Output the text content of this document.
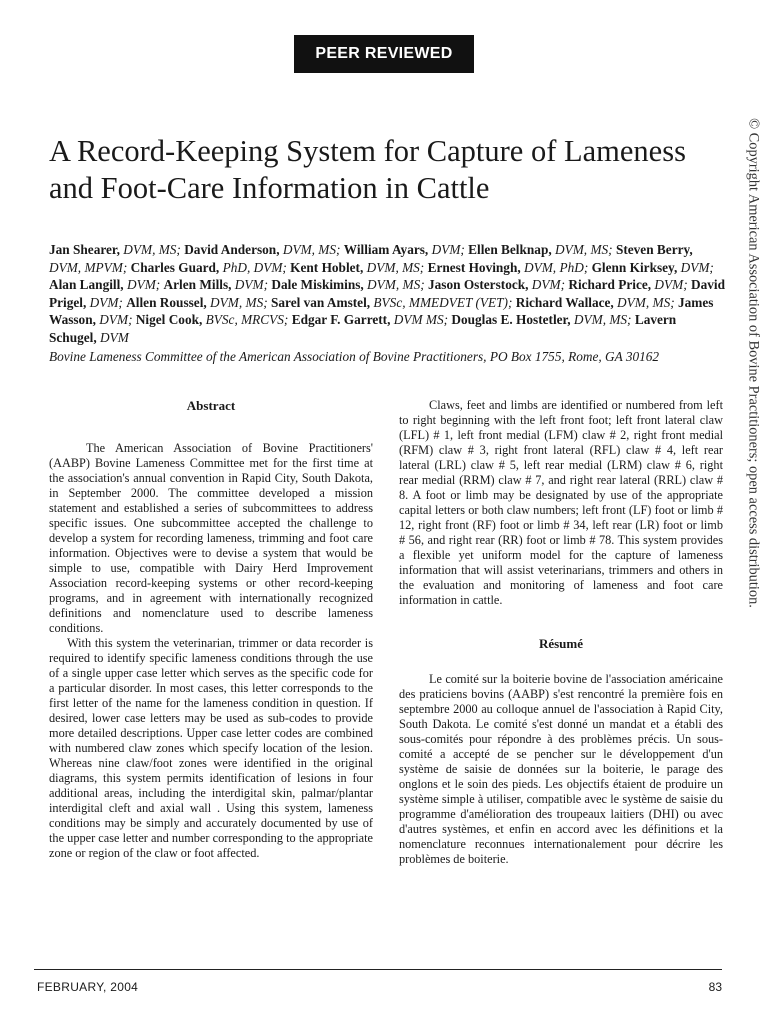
PEER REVIEWED
© Copyright American Association of Bovine Practitioners; open access distribution.
A Record-Keeping System for Capture of Lameness and Foot-Care Information in Cattle
Jan Shearer, DVM, MS; David Anderson, DVM, MS; William Ayars, DVM; Ellen Belknap, DVM, MS; Steven Berry, DVM, MPVM; Charles Guard, PhD, DVM; Kent Hoblet, DVM, MS; Ernest Hovingh, DVM, PhD; Glenn Kirksey, DVM; Alan Langill, DVM; Arlen Mills, DVM; Dale Miskimins, DVM, MS; Jason Osterstock, DVM; Richard Price, DVM; David Prigel, DVM; Allen Roussel, DVM, MS; Sarel van Amstel, BVSc, MMEDVET (VET); Richard Wallace, DVM, MS; James Wasson, DVM; Nigel Cook, BVSc, MRCVS; Edgar F. Garrett, DVM MS; Douglas E. Hostetler, DVM, MS; Lavern Schugel, DVM
Bovine Lameness Committee of the American Association of Bovine Practitioners, PO Box 1755, Rome, GA 30162
Abstract

The American Association of Bovine Practitioners' (AABP) Bovine Lameness Committee met for the first time at the association's annual convention in Rapid City, South Dakota, in September 2000. The committee developed a mission statement and established a series of subcommittees to address specific issues. One subcommittee accepted the challenge to develop a system for recording lameness, trimming and foot care information. Objectives were to devise a system that would be simple to use, compatible with Dairy Herd Improvement Association record-keeping systems or other record-keeping programs, and in agreement with internationally recognized definitions and nomenclature used to describe lameness conditions.

With this system the veterinarian, trimmer or data recorder is required to identify specific lameness conditions through the use of a single upper case letter which serves as the specific code for a particular disorder. In most cases, this letter corresponds to the first letter of the name for the lameness condition in question. If desired, lower case letters may be used as sub-codes to provide more detailed descriptions. Upper case letter codes are combined with numbered claw zones which specify location of the lesion. Whereas nine claw/foot zones were identified in the original diagrams, this system permits identification of lesions in four additional areas, including the interdigital skin, palmar/plantar interdigital cleft and axial wall . Using this system, lameness conditions may be simply and accurately documented by use of the upper case letter and number corresponding to the appropriate zone or region of the claw or foot affected.

Claws, feet and limbs are identified or numbered from left to right beginning with the left front foot; left front lateral claw (LFL) # 1, left front medial (LFM) claw # 2, right front medial (RFM) claw # 3, right front lateral (RFL) claw # 4, left rear lateral (LRL) claw # 5, left rear medial (LRM) claw # 6, right rear medial (RRM) claw # 7, and right rear lateral (RRL) claw # 8. A foot or limb may be designated by use of the appropriate capital letters or both claw numbers; left front (LF) foot or limb # 12, right front (RF) foot or limb # 34, left rear (LR) foot or limb # 56, and right rear (RR) foot or limb # 78. This system provides a flexible yet uniform model for the capture of lameness information that will assist veterinarians, trimmers and others in the evaluation and monitoring of lameness and foot care information in cattle.

Résumé

Le comité sur la boiterie bovine de l'association américaine des praticiens bovins (AABP) s'est rencontré la première fois en septembre 2000 au colloque annuel de l'association à Rapid City, South Dakota. Le comité s'est donné un mandat et a établi des sous-comités pour répondre à des problèmes précis. Un sous-comité a accepté de se pencher sur le développement d'un système de saisie de données sur la boiterie, le parage des onglons et le soin des pieds. Les objectifs étaient de produire un système simple à utiliser, compatible avec le système de saisie du programme d'amélioration des troupeaux laitiers (DHI) ou avec d'autres systèmes, et enfin en accord avec les définitions et la nomenclature reconnues internationalement pour décrire les problèmes de boiterie.

FEBRUARY, 2004	83
